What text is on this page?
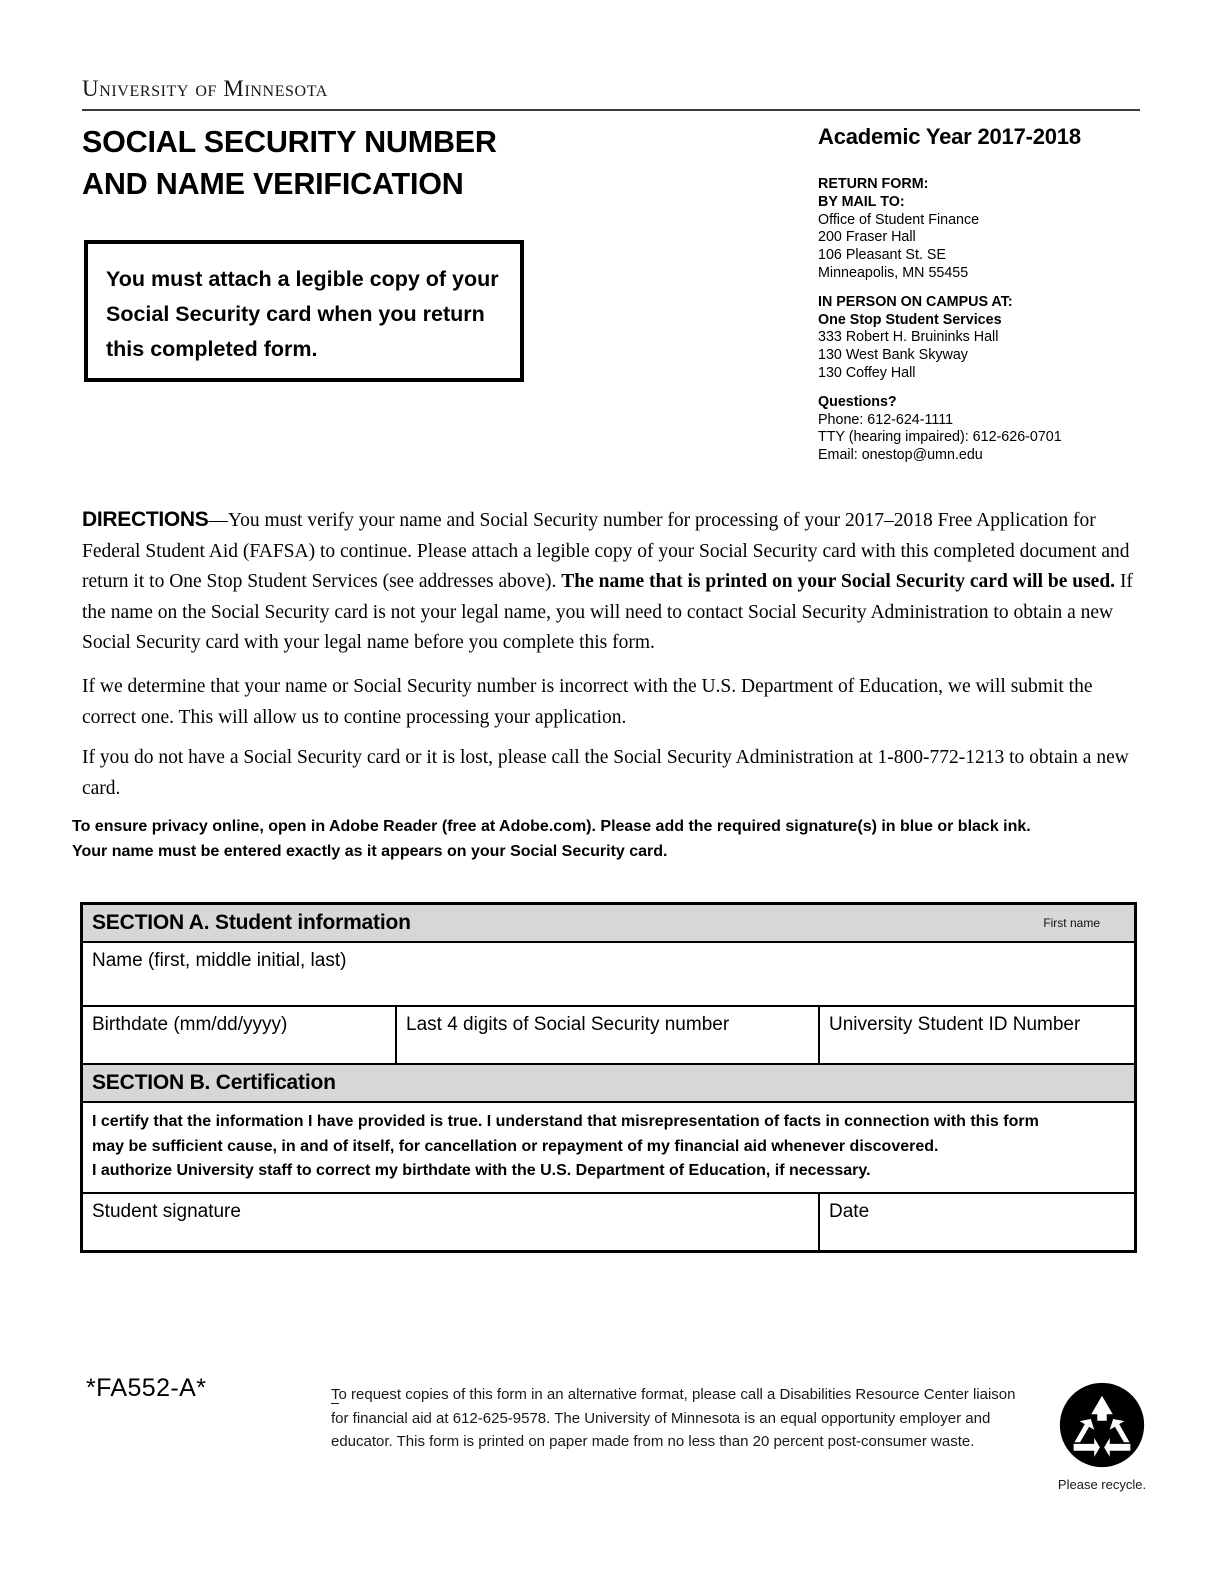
University of Minnesota
SOCIAL SECURITY NUMBER
AND NAME VERIFICATION
Academic Year 2017-2018
You must attach a legible copy of your Social Security card when you return this completed form.
RETURN FORM:
BY MAIL TO:
Office of Student Finance
200 Fraser Hall
106 Pleasant St. SE
Minneapolis, MN 55455
IN PERSON ON CAMPUS AT:
One Stop Student Services
333 Robert H. Bruininks Hall
130 West Bank Skyway
130 Coffey Hall
Questions?
Phone: 612-624-1111
TTY (hearing impaired): 612-626-0701
Email: onestop@umn.edu
DIRECTIONS—You must verify your name and Social Security number for processing of your 2017–2018 Free Application for Federal Student Aid (FAFSA) to continue. Please attach a legible copy of your Social Security card with this completed document and return it to One Stop Student Services (see addresses above). The name that is printed on your Social Security card will be used. If the name on the Social Security card is not your legal name, you will need to contact Social Security Administration to obtain a new Social Security card with your legal name before you complete this form.
If we determine that your name or Social Security number is incorrect with the U.S. Department of Education, we will submit the correct one. This will allow us to contine processing your application.
If you do not have a Social Security card or it is lost, please call the Social Security Administration at 1-800-772-1213 to obtain a new card.
To ensure privacy online, open in Adobe Reader (free at Adobe.com). Please add the required signature(s) in blue or black ink.
Your name must be entered exactly as it appears on your Social Security card.
SECTION A. Student information	First name
Name (first, middle initial, last)
Birthdate (mm/dd/yyyy)	Last 4 digits of Social Security number	University Student ID Number
SECTION B. Certification
I certify that the information I have provided is true. I understand that misrepresentation of facts in connection with this form
may be sufficient cause, in and of itself, for cancellation or repayment of my financial aid whenever discovered.
I authorize University staff to correct my birthdate with the U.S. Department of Education, if necessary.
Student signature	Date
*FA552-A*	To request copies of this form in an alternative format, please call a Disabilities Resource Center liaison for financial aid at 612-625-9578. The University of Minnesota is an equal opportunity employer and educator. This form is printed on paper made from no less than 20 percent post-consumer waste.
Please recycle.
